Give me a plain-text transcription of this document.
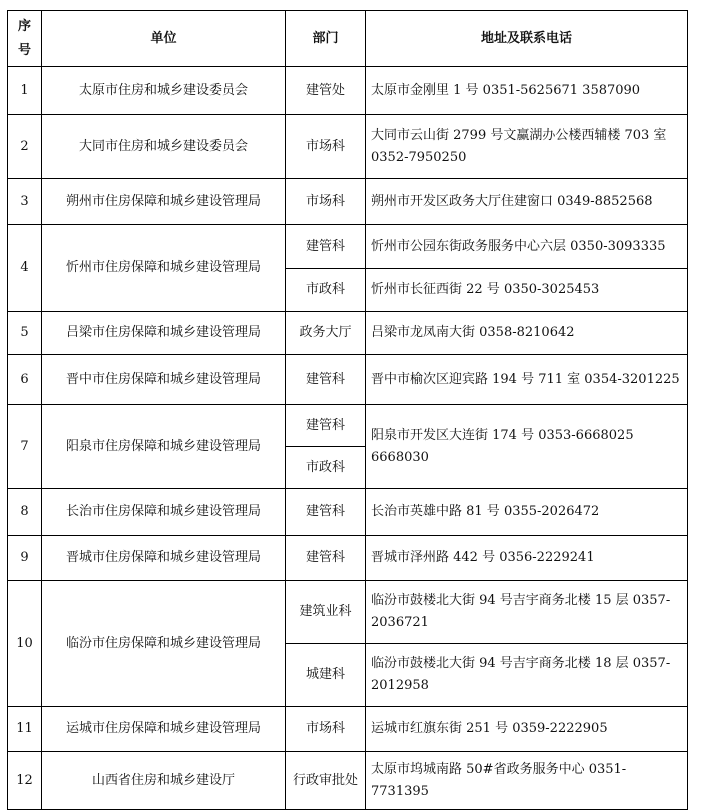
序
号	单位	部门	地址及联系电话
1	太原市住房和城乡建设委员会	建管处	太原市金刚里 1 号 0351-5625671 3587090
2	大同市住房和城乡建设委员会	市场科	大同市云山街 2799 号文赢湖办公楼西辅楼 703 室 0352-7950250
3	朔州市住房保障和城乡建设管理局	市场科	朔州市开发区政务大厅住建窗口 0349-8852568
4	忻州市住房保障和城乡建设管理局	建管科	忻州市公园东街政务服务中心六层 0350-3093335
		市政科	忻州市长征西街 22 号 0350-3025453
5	吕梁市住房保障和城乡建设管理局	政务大厅	吕梁市龙凤南大街 0358-8210642
6	晋中市住房保障和城乡建设管理局	建管科	晋中市榆次区迎宾路 194 号 711 室 0354-3201225
7	阳泉市住房保障和城乡建设管理局	建管科	阳泉市开发区大连街 174 号 0353-6668025 6668030
		市政科	
8	长治市住房保障和城乡建设管理局	建管科	长治市英雄中路 81 号 0355-2026472
9	晋城市住房保障和城乡建设管理局	建管科	晋城市泽州路 442 号 0356-2229241
10	临汾市住房保障和城乡建设管理局	建筑业科	临汾市鼓楼北大街 94 号吉宇商务北楼 15 层 0357-2036721
		城建科	临汾市鼓楼北大街 94 号吉宇商务北楼 18 层 0357-2012958
11	运城市住房保障和城乡建设管理局	市场科	运城市红旗东街 251 号 0359-2222905
12	山西省住房和城乡建设厅	行政审批处	太原市坞城南路 50#省政务服务中心 0351-7731395
